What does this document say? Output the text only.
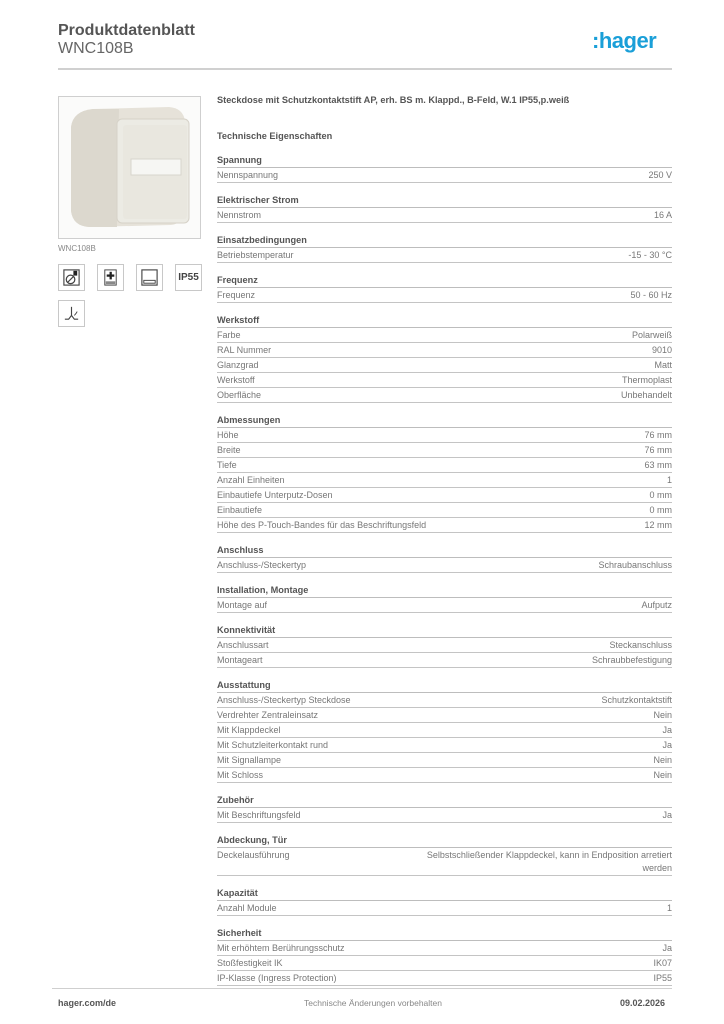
Produktdatenblatt
WNC108B	:hager
WNC108B
IP55
Steckdose mit Schutzkontaktstift AP, erh. BS m. Klappd., B-Feld, W.1 IP55,p.weiß
Technische Eigenschaften
Spannung
Nennspannung	250 V
Elektrischer Strom
Nennstrom	16 A
Einsatzbedingungen
Betriebstemperatur	-15 - 30 °C
Frequenz
Frequenz	50 - 60 Hz
Werkstoff
Farbe	Polarweiß
RAL Nummer	9010
Glanzgrad	Matt
Werkstoff	Thermoplast
Oberfläche	Unbehandelt
Abmessungen
Höhe	76 mm
Breite	76 mm
Tiefe	63 mm
Anzahl Einheiten	1
Einbautiefe Unterputz-Dosen	0 mm
Einbautiefe	0 mm
Höhe des P-Touch-Bandes für das Beschriftungsfeld	12 mm
Anschluss
Anschluss-/Steckertyp	Schraubanschluss
Installation, Montage
Montage auf	Aufputz
Konnektivität
Anschlussart	Steckanschluss
Montageart	Schraubbefestigung
Ausstattung
Anschluss-/Steckertyp Steckdose	Schutzkontaktstift
Verdrehter Zentraleinsatz	Nein
Mit Klappdeckel	Ja
Mit Schutzleiterkontakt rund	Ja
Mit Signallampe	Nein
Mit Schloss	Nein
Zubehör
Mit Beschriftungsfeld	Ja
Abdeckung, Tür
Deckelausführung	Selbstschließender Klappdeckel, kann in Endposition arretiert werden
Kapazität
Anzahl Module	1
Sicherheit
Mit erhöhtem Berührungsschutz	Ja
Stoßfestigkeit IK	IK07
IP-Klasse (Ingress Protection)	IP55
hager.com/de	Technische Änderungen vorbehalten	09.02.2026
